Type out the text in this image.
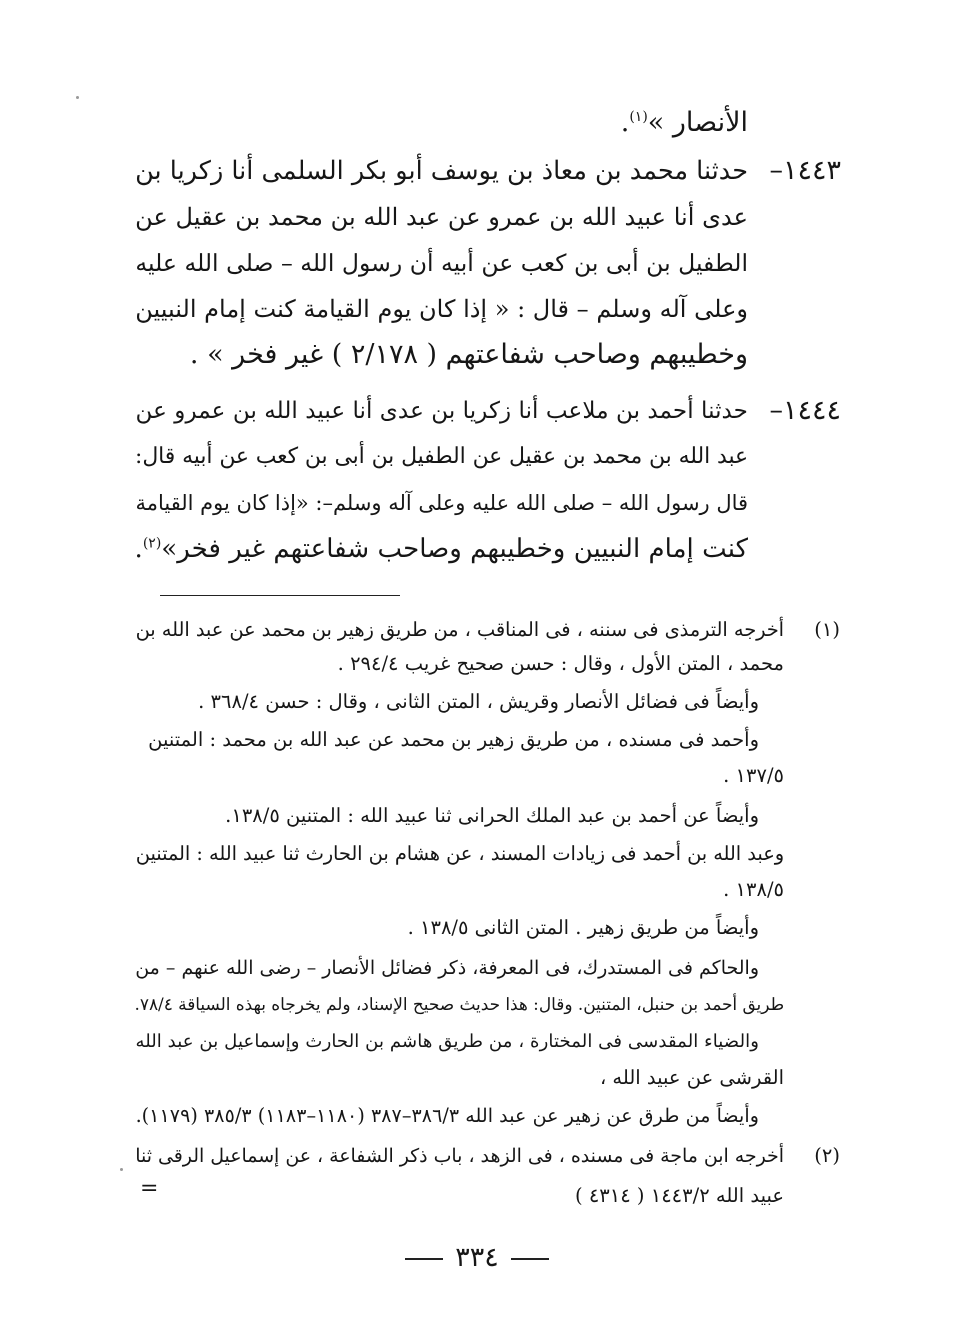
الأنصار »$^{(١)}$.
١٤٤٣–
حدثنا محمد بن معاذ بن يوسف أبو بكر السلمى أنا زكريا بن
عدى أنا عبيد الله بن عمرو عن عبد الله بن محمد بن عقيل عن
الطفيل بن أبى بن كعب عن أبيه أن رسول الله – صلى الله عليه
وعلى آله وسلم – قال : « إذا كان يوم القيامة كنت إمام النبيين
وخطيبهم وصاحب شفاعتهم ( ٢/١٧٨ ) غير فخر » .
١٤٤٤–
حدثنا أحمد بن ملاعب أنا زكريا بن عدى أنا عبيد الله بن عمرو عن
عبد الله بن محمد بن عقيل عن الطفيل بن أبى بن كعب عن أبيه قال:
قال رسول الله – صلى الله عليه وعلى آله وسلم–: «إذا كان يوم القيامة
كنت إمام النبيين وخطيبهم وصاحب شفاعتهم غير فخر»$^{(٢)}$.
(١)
أخرجه الترمذى فى سننه ، فى المناقب ، من طريق زهير بن محمد عن عبد الله بن
محمد ، المتن الأول ، وقال : حسن صحيح غريب ٢٩٤/٤ .
وأيضاً فى فضائل الأنصار وقريش ، المتن الثانى ، وقال : حسن ٣٦٨/٤ .
وأحمد فى مسنده ، من طريق زهير بن محمد عن عبد الله بن محمد : المتنين
١٣٧/٥ .
وأيضاً عن أحمد بن عبد الملك الحرانى ثنا عبيد الله : المتنين ١٣٨/٥.
وعبد الله بن أحمد فى زيادات المسند ، عن هشام بن الحارث ثنا عبيد الله : المتنين
١٣٨/٥ .
وأيضاً من طريق زهير . المتن الثانى ١٣٨/٥ .
والحاكم فى المستدرك، فى المعرفة، ذكر فضائل الأنصار – رضى الله عنهم – من
طريق أحمد بن حنبل، المتنين. وقال: هذا حديث صحيح الإسناد، ولم يخرجاه بهذه السياقة ٧٨/٤.
والضياء المقدسى فى المختارة ، من طريق هاشم بن الحارث وإسماعيل بن عبد الله
القرشى عن عبيد الله ،
وأيضاً من طرق عن زهير عن عبد الله ٣٨٦/٣–٣٨٧ (١١٨٠–١١٨٣) ٣٨٥/٣ (١١٧٩).
(٢)
أخرجه ابن ماجة فى مسنده ، فى الزهد ، باب ذكر الشفاعة ، عن إسماعيل الرقى ثنا
عبيد الله ١٤٤٣/٢ ( ٤٣١٤ )
=
٣٣٤
